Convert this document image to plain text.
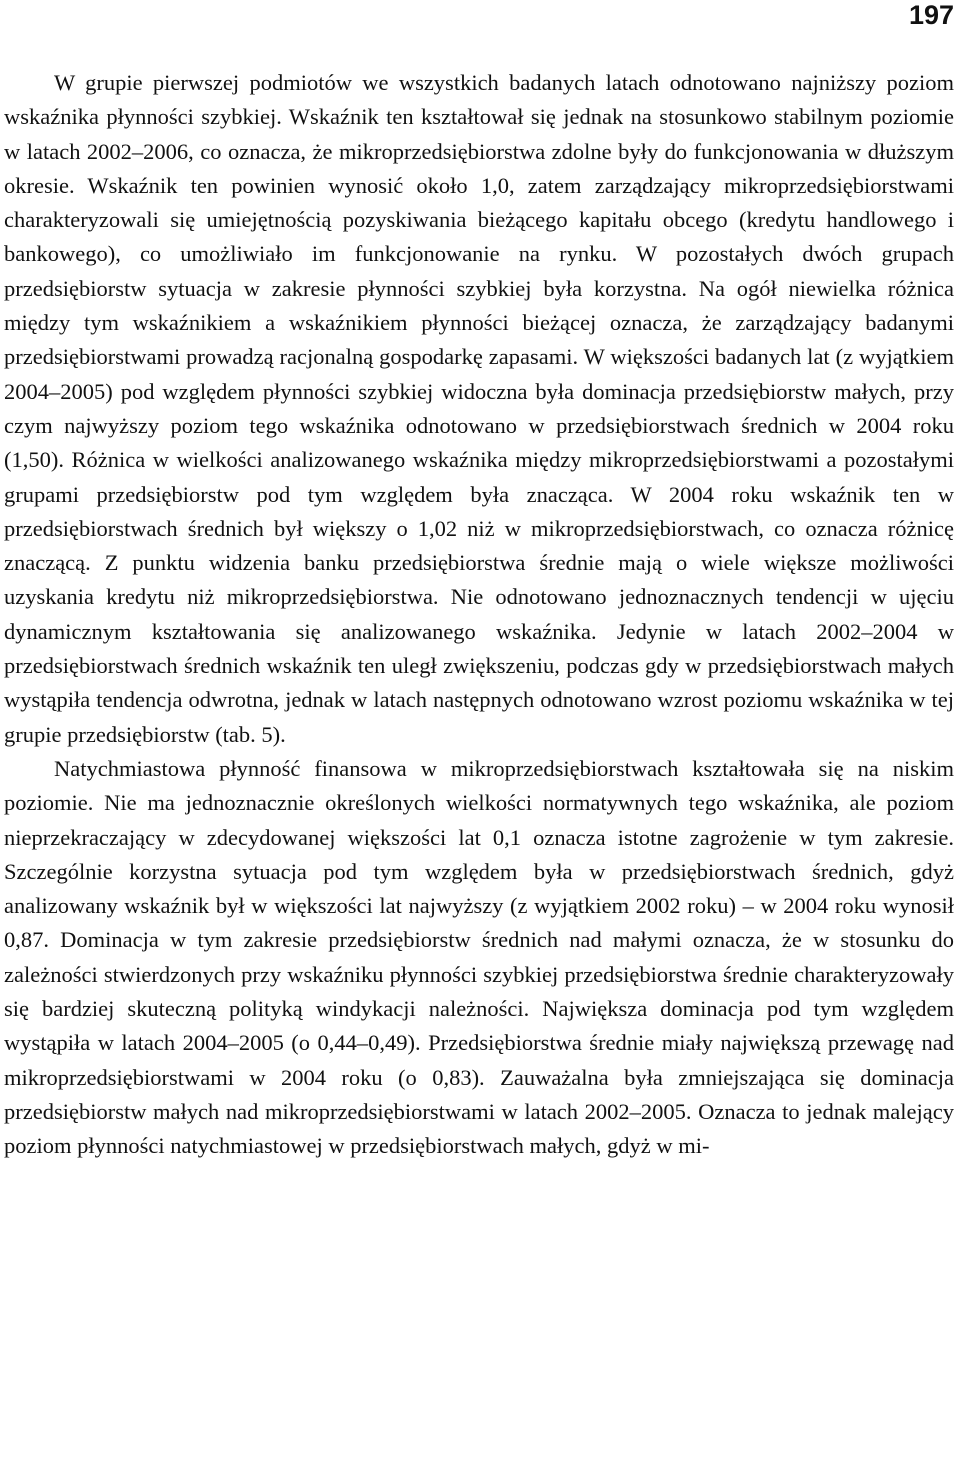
197

W grupie pierwszej podmiotów we wszystkich badanych latach odnotowano najniższy poziom wskaźnika płynności szybkiej. Wskaźnik ten kształtował się jednak na stosunkowo stabilnym poziomie w latach 2002–2006, co oznacza, że mikroprzedsiębiorstwa zdolne były do funkcjonowania w dłuższym okresie. Wskaźnik ten powinien wynosić około 1,0, zatem zarządzający mikroprzedsiębiorstwami charakteryzowali się umiejętnością pozyskiwania bieżącego kapitału obcego (kredytu handlowego i bankowego), co umożliwiało im funkcjonowanie na rynku. W pozostałych dwóch grupach przedsiębiorstw sytuacja w zakresie płynności szybkiej była korzystna. Na ogół niewielka różnica między tym wskaźnikiem a wskaźnikiem płynności bieżącej oznacza, że zarządzający badanymi przedsiębiorstwami prowadzą racjonalną gospodarkę zapasami. W większości badanych lat (z wyjątkiem 2004–2005) pod względem płynności szybkiej widoczna była dominacja przedsiębiorstw małych, przy czym najwyższy poziom tego wskaźnika odnotowano w przedsiębiorstwach średnich w 2004 roku (1,50). Różnica w wielkości analizowanego wskaźnika między mikroprzedsiębiorstwami a pozostałymi grupami przedsiębiorstw pod tym względem była znacząca. W 2004 roku wskaźnik ten w przedsiębiorstwach średnich był większy o 1,02 niż w mikroprzedsiębiorstwach, co oznacza różnicę znaczącą. Z punktu widzenia banku przedsiębiorstwa średnie mają o wiele większe możliwości uzyskania kredytu niż mikroprzedsiębiorstwa. Nie odnotowano jednoznacznych tendencji w ujęciu dynamicznym kształtowania się analizowanego wskaźnika. Jedynie w latach 2002–2004 w przedsiębiorstwach średnich wskaźnik ten uległ zwiększeniu, podczas gdy w przedsiębiorstwach małych wystąpiła tendencja odwrotna, jednak w latach następnych odnotowano wzrost poziomu wskaźnika w tej grupie przedsiębiorstw (tab. 5).

Natychmiastowa płynność finansowa w mikroprzedsiębiorstwach kształtowała się na niskim poziomie. Nie ma jednoznacznie określonych wielkości normatywnych tego wskaźnika, ale poziom nieprzekraczający w zdecydowanej większości lat 0,1 oznacza istotne zagrożenie w tym zakresie. Szczególnie korzystna sytuacja pod tym względem była w przedsiębiorstwach średnich, gdyż analizowany wskaźnik był w większości lat najwyższy (z wyjątkiem 2002 roku) – w 2004 roku wynosił 0,87. Dominacja w tym zakresie przedsiębiorstw średnich nad małymi oznacza, że w stosunku do zależności stwierdzonych przy wskaźniku płynności szybkiej przedsiębiorstwa średnie charakteryzowały się bardziej skuteczną polityką windykacji należności. Największa dominacja pod tym względem wystąpiła w latach 2004–2005 (o 0,44–0,49). Przedsiębiorstwa średnie miały największą przewagę nad mikroprzedsiębiorstwami w 2004 roku (o 0,83). Zauważalna była zmniejszająca się dominacja przedsiębiorstw małych nad mikroprzedsiębiorstwami w latach 2002–2005. Oznacza to jednak malejący poziom płynności natychmiastowej w przedsiębiorstwach małych, gdyż w mi-
